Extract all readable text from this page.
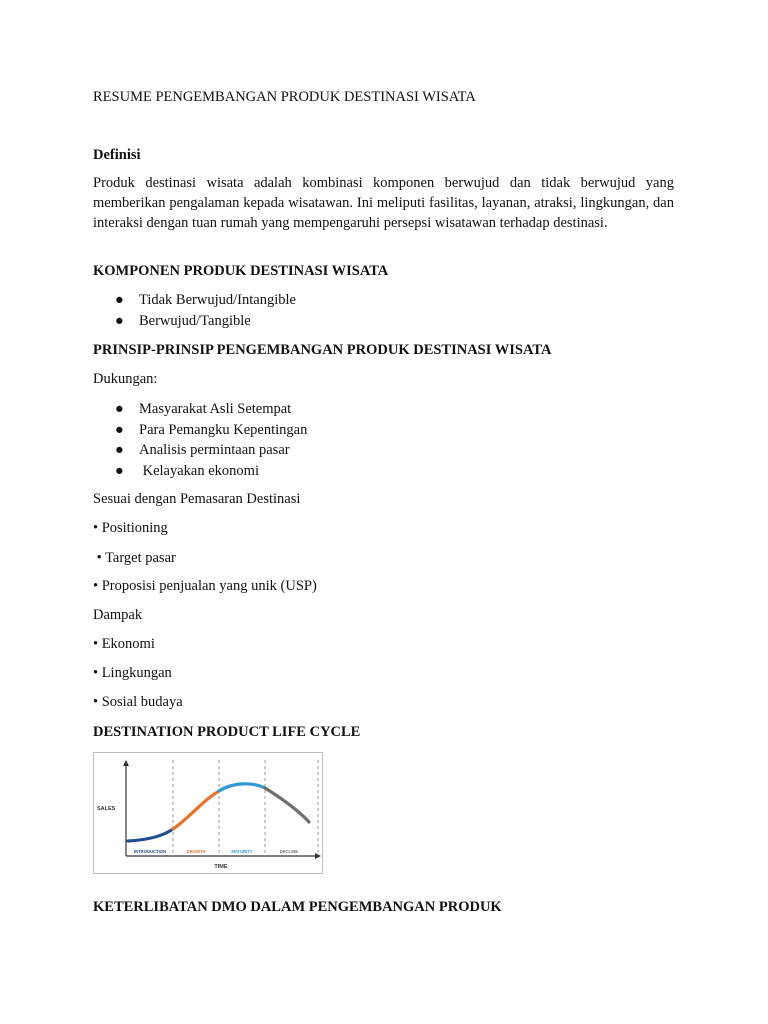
RESUME PENGEMBANGAN PRODUK DESTINASI WISATA
Definisi

Produk destinasi wisata adalah kombinasi komponen berwujud dan tidak berwujud yang memberikan pengalaman kepada wisatawan. Ini meliputi fasilitas, layanan, atraksi, lingkungan, dan interaksi dengan tuan rumah yang mempengaruhi persepsi wisatawan terhadap destinasi.

KOMPONEN PRODUK DESTINASI WISATA
● Tidak Berwujud/Intangible
● Berwujud/Tangible
PRINSIP-PRINSIP PENGEMBANGAN PRODUK DESTINASI WISATA
Dukungan:
● Masyarakat Asli Setempat
● Para Pemangku Kepentingan
● Analisis permintaan pasar
● Kelayakan ekonomi
Sesuai dengan Pemasaran Destinasi
• Positioning
• Target pasar
• Proposisi penjualan yang unik (USP)
Dampak
• Ekonomi
• Lingkungan
• Sosial budaya
DESTINATION PRODUCT LIFE CYCLE
SALES
INTRODUCTION	GROWTH	MATURITY	DECLINE
TIME
KETERLIBATAN DMO DALAM PENGEMBANGAN PRODUK
